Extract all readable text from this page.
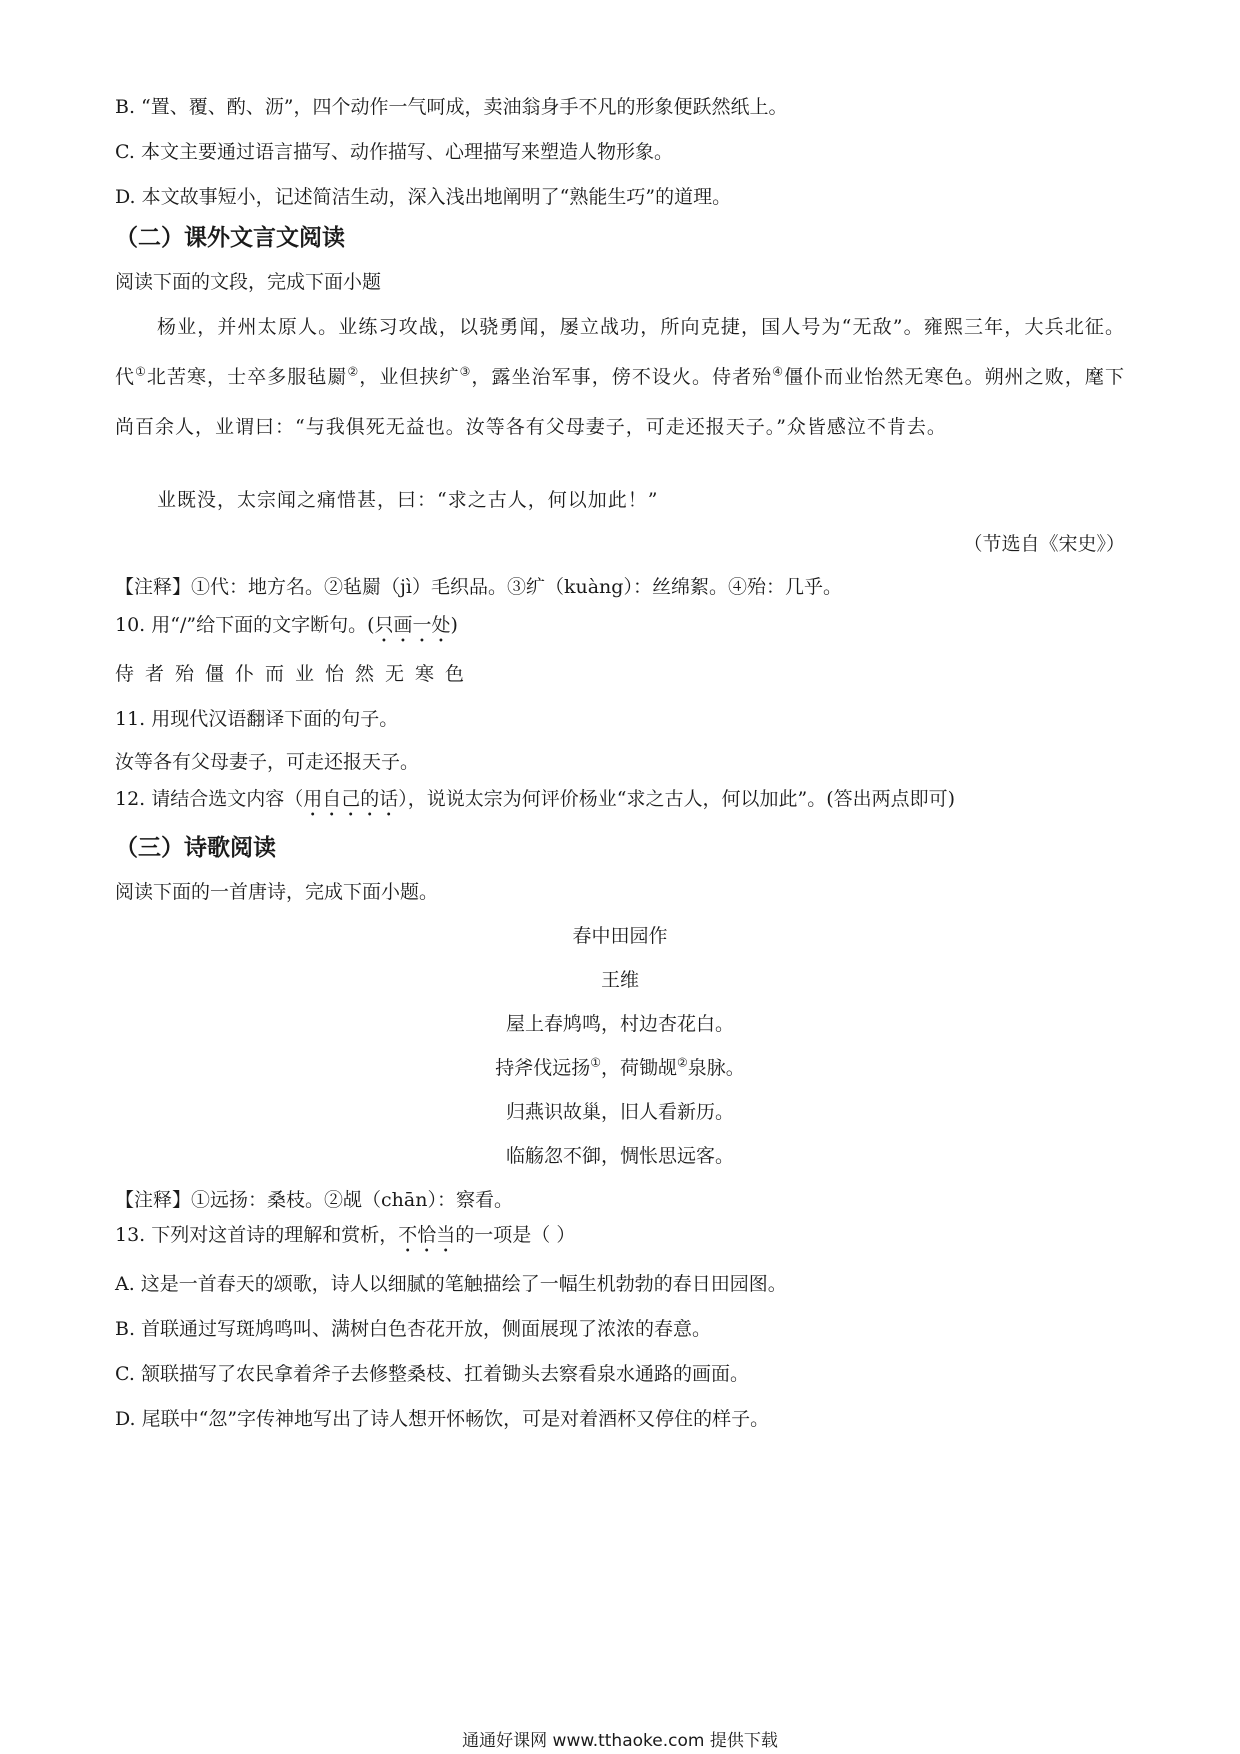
B. “置、覆、酌、沥”，四个动作一气呵成，卖油翁身手不凡的形象便跃然纸上。
C. 本文主要通过语言描写、动作描写、心理描写来塑造人物形象。
D. 本文故事短小，记述简洁生动，深入浅出地阐明了“熟能生巧”的道理。
（二）课外文言文阅读
阅读下面的文段，完成下面小题
杨业，并州太原人。业练习攻战，以骁勇闻，屡立战功，所向克捷，国人号为“无敌”。雍熙三年，大兵北征。代①北苦寒，士卒多服毡罽②，业但挟纩③，露坐治军事，傍不设火。侍者殆④僵仆而业怡然无寒色。朔州之败，麾下尚百余人，业谓曰：“与我俱死无益也。汝等各有父母妻子，可走还报天子。”众皆感泣不肯去。
业既没，太宗闻之痛惜甚，曰：“求之古人，何以加此！”
（节选自《宋史》）
【注释】①代：地方名。②毡罽（jì）毛织品。③纩（kuàng）：丝绵絮。④殆：几乎。
10. 用“/”给下面的文字断句。(只画一处)
侍者殆僵仆而业怡然无寒色
11. 用现代汉语翻译下面的句子。
汝等各有父母妻子，可走还报天子。
12. 请结合选文内容（用自己的话），说说太宗为何评价杨业“求之古人，何以加此”。(答出两点即可)
（三）诗歌阅读
阅读下面的一首唐诗，完成下面小题。
春中田园作
王维
屋上春鸠鸣，村边杏花白。
持斧伐远扬①，荷锄觇②泉脉。
归燕识故巢，旧人看新历。
临觞忽不御，惆怅思远客。
【注释】①远扬：桑枝。②觇（chān）：察看。
13. 下列对这首诗的理解和赏析，不恰当的一项是（ ）
A. 这是一首春天的颂歌，诗人以细腻的笔触描绘了一幅生机勃勃的春日田园图。
B. 首联通过写斑鸠鸣叫、满树白色杏花开放，侧面展现了浓浓的春意。
C. 颔联描写了农民拿着斧子去修整桑枝、扛着锄头去察看泉水通路的画面。
D. 尾联中“忽”字传神地写出了诗人想开怀畅饮，可是对着酒杯又停住的样子。
通通好课网 www.tthaoke.com 提供下载
